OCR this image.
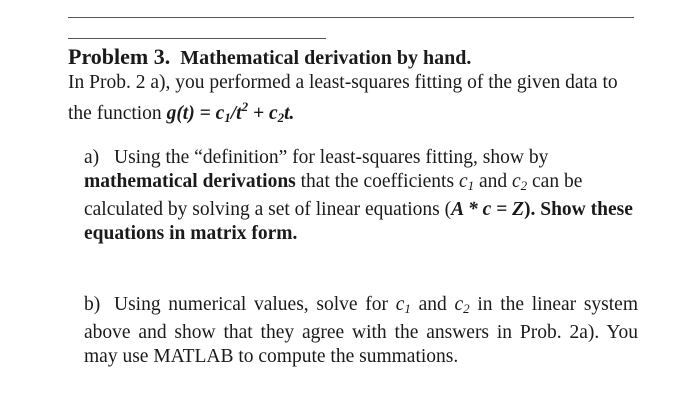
Problem 3. Mathematical derivation by hand.

In Prob. 2 a), you performed a least-squares fitting of the given data to the function $g(t) = c_1/t^2 + c_2t$.

a) Using the “definition” for least-squares fitting, show by mathematical derivations that the coefficients $c_1$ and $c_2$ can be calculated by solving a set of linear equations (A * c = Z). Show these equations in matrix form.

b) Using numerical values, solve for $c_1$ and $c_2$ in the linear system above and show that they agree with the answers in Prob. 2a). You may use MATLAB to compute the summations.
